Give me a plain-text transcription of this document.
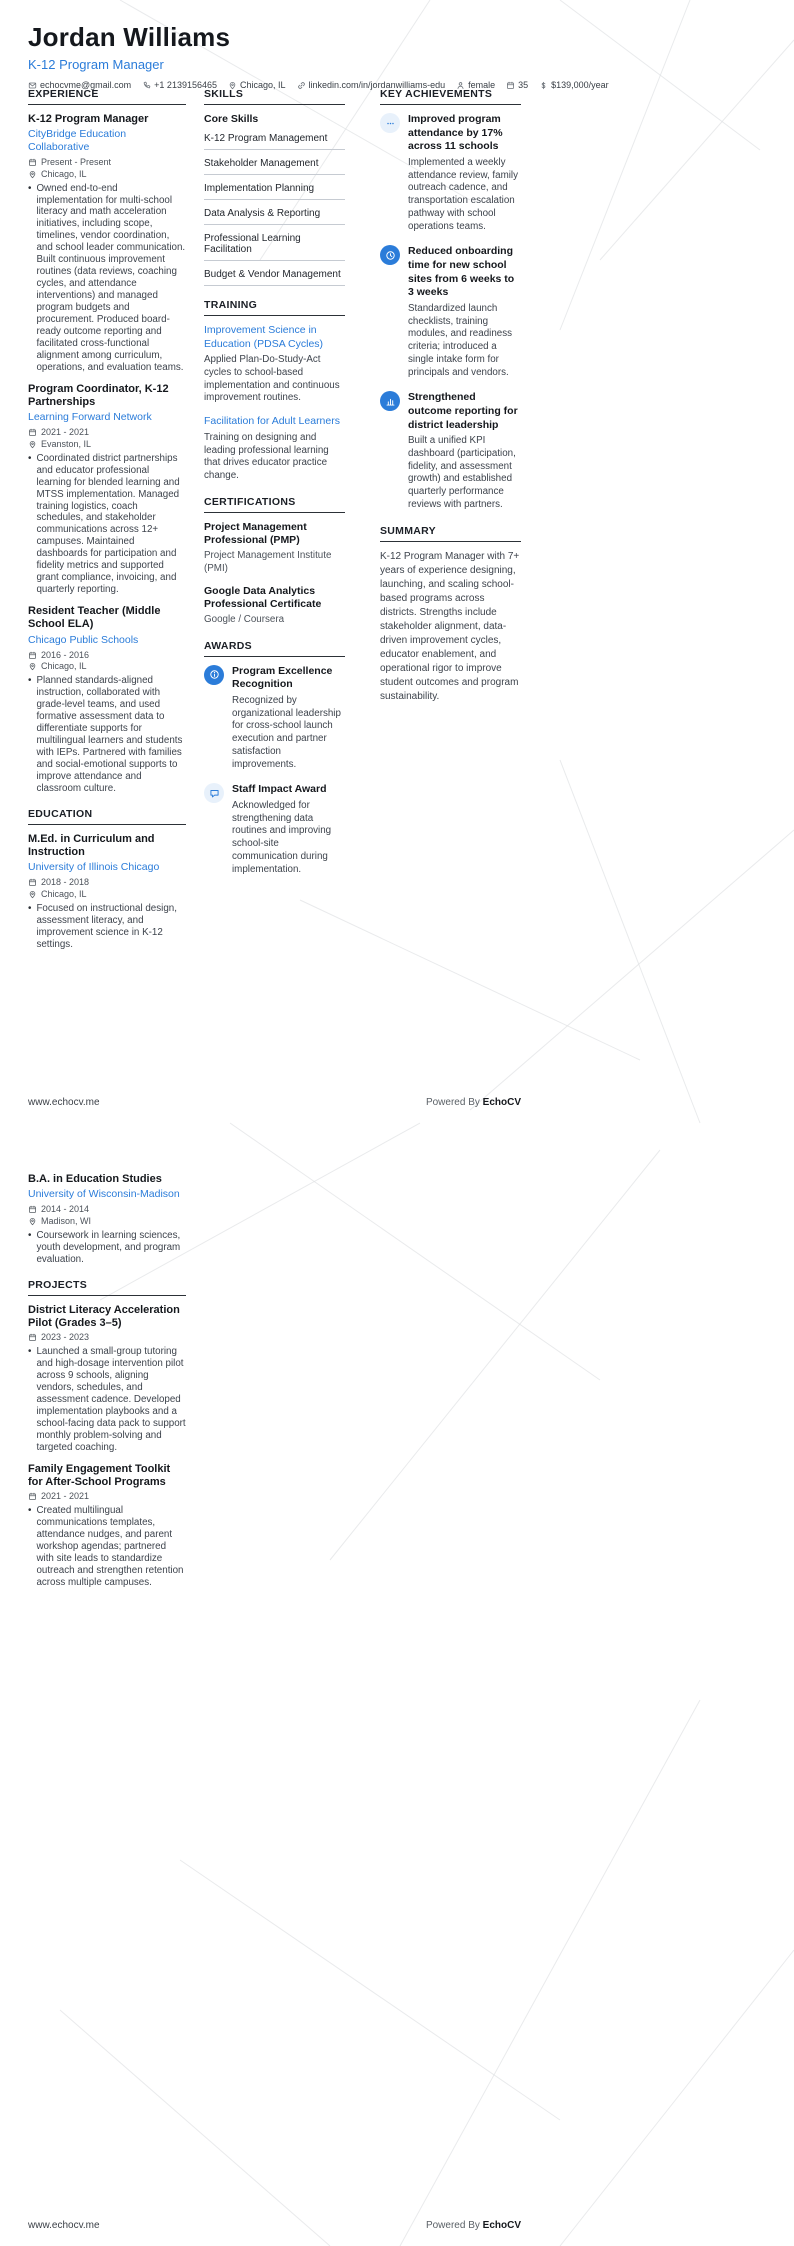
Jordan Williams
K-12 Program Manager
echocvme@gmail.com	+1 2139156465	Chicago, IL	linkedin.com/in/jordanwilliams-edu	female	35	$139,000/year
EXPERIENCE
K-12 Program Manager
CityBridge Education Collaborative
Present - Present
Chicago, IL
• Owned end-to-end implementation for multi-school literacy and math acceleration initiatives, including scope, timelines, vendor coordination, and school leader communication. Built continuous improvement routines (data reviews, coaching cycles, and attendance interventions) and managed program budgets and procurement. Produced board-ready outcome reporting and facilitated cross-functional alignment among curriculum, operations, and evaluation teams.

Program Coordinator, K-12 Partnerships
Learning Forward Network
2021 - 2021
Evanston, IL
• Coordinated district partnerships and educator professional learning for blended learning and MTSS implementation. Managed training logistics, coach schedules, and stakeholder communications across 12+ campuses. Maintained dashboards for participation and fidelity metrics and supported grant compliance, invoicing, and quarterly reporting.

Resident Teacher (Middle School ELA)
Chicago Public Schools
2016 - 2016
Chicago, IL
• Planned standards-aligned instruction, collaborated with grade-level teams, and used formative assessment data to differentiate supports for multilingual learners and students with IEPs. Partnered with families and social-emotional supports to improve attendance and classroom culture.

EDUCATION
M.Ed. in Curriculum and Instruction
University of Illinois Chicago
2018 - 2018
Chicago, IL
• Focused on instructional design, assessment literacy, and improvement science in K-12 settings.

SKILLS
Core Skills
K-12 Program Management
Stakeholder Management
Implementation Planning
Data Analysis & Reporting
Professional Learning Facilitation
Budget & Vendor Management
TRAINING
Improvement Science in Education (PDSA Cycles)
Applied Plan-Do-Study-Act cycles to school-based implementation and continuous improvement routines.
Facilitation for Adult Learners
Training on designing and leading professional learning that drives educator practice change.
CERTIFICATIONS
Project Management Professional (PMP)
Project Management Institute (PMI)
Google Data Analytics Professional Certificate
Google / Coursera
AWARDS
Program Excellence Recognition
Recognized by organizational leadership for cross-school launch execution and partner satisfaction improvements.
Staff Impact Award
Acknowledged for strengthening data routines and improving school-site communication during implementation.
KEY ACHIEVEMENTS
Improved program attendance by 17% across 11 schools
Implemented a weekly attendance review, family outreach cadence, and transportation escalation pathway with school operations teams.
Reduced onboarding time for new school sites from 6 weeks to 3 weeks
Standardized launch checklists, training modules, and readiness criteria; introduced a single intake form for principals and vendors.
Strengthened outcome reporting for district leadership
Built a unified KPI dashboard (participation, fidelity, and assessment growth) and established quarterly performance reviews with partners.
SUMMARY

K-12 Program Manager with 7+ years of experience designing, launching, and scaling school-based programs across districts. Strengths include stakeholder alignment, data-driven improvement cycles, educator enablement, and operational rigor to improve student outcomes and program sustainability.

www.echocv.me	Powered By EchoCV
B.A. in Education Studies
University of Wisconsin-Madison
2014 - 2014
Madison, WI
• Coursework in learning sciences, youth development, and program evaluation.

PROJECTS
District Literacy Acceleration Pilot (Grades 3–5)
2023 - 2023
• Launched a small-group tutoring and high-dosage intervention pilot across 9 schools, aligning vendors, schedules, and assessment cadence. Developed implementation playbooks and a school-facing data pack to support monthly problem-solving and targeted coaching.

Family Engagement Toolkit for After-School Programs
2021 - 2021
• Created multilingual communications templates, attendance nudges, and parent workshop agendas; partnered with site leads to standardize outreach and strengthen retention across multiple campuses.

www.echocv.me	Powered By EchoCV
